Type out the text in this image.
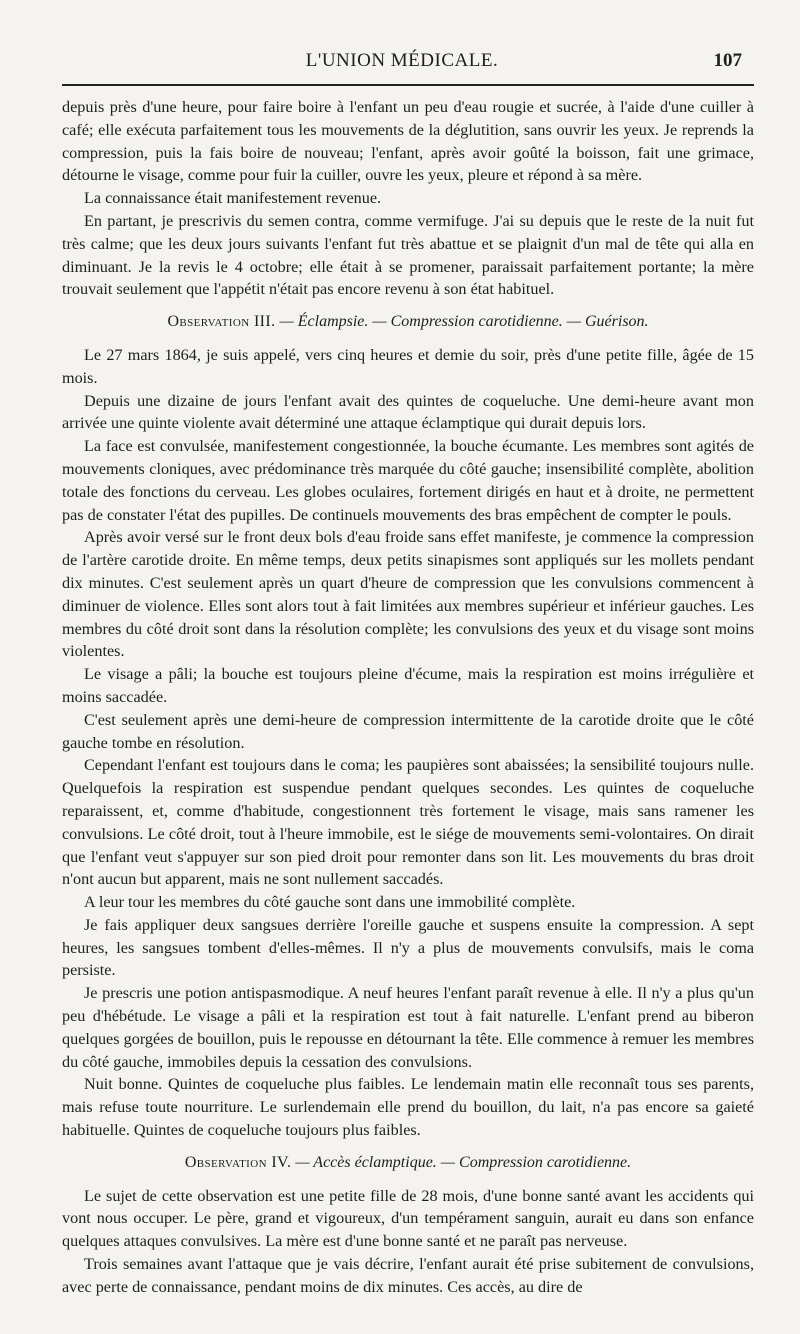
L'UNION MÉDICALE.	107

depuis près d'une heure, pour faire boire à l'enfant un peu d'eau rougie et sucrée, à l'aide d'une cuiller à café; elle exécuta parfaitement tous les mouvements de la déglutition, sans ouvrir les yeux. Je reprends la compression, puis la fais boire de nouveau; l'enfant, après avoir goûté la boisson, fait une grimace, détourne le visage, comme pour fuir la cuiller, ouvre les yeux, pleure et répond à sa mère.

La connaissance était manifestement revenue.

En partant, je prescrivis du semen contra, comme vermifuge. J'ai su depuis que le reste de la nuit fut très calme; que les deux jours suivants l'enfant fut très abattue et se plaignit d'un mal de tête qui alla en diminuant. Je la revis le 4 octobre; elle était à se promener, paraissait parfaitement portante; la mère trouvait seulement que l'appétit n'était pas encore revenu à son état habituel.

Observation III. — Éclampsie. — Compression carotidienne. — Guérison.

Le 27 mars 1864, je suis appelé, vers cinq heures et demie du soir, près d'une petite fille, âgée de 15 mois.

Depuis une dizaine de jours l'enfant avait des quintes de coqueluche. Une demi-heure avant mon arrivée une quinte violente avait déterminé une attaque éclamptique qui durait depuis lors.

La face est convulsée, manifestement congestionnée, la bouche écumante. Les membres sont agités de mouvements cloniques, avec prédominance très marquée du côté gauche; insensibilité complète, abolition totale des fonctions du cerveau. Les globes oculaires, fortement dirigés en haut et à droite, ne permettent pas de constater l'état des pupilles. De continuels mouvements des bras empêchent de compter le pouls.

Après avoir versé sur le front deux bols d'eau froide sans effet manifeste, je commence la compression de l'artère carotide droite. En même temps, deux petits sinapismes sont appliqués sur les mollets pendant dix minutes. C'est seulement après un quart d'heure de compression que les convulsions commencent à diminuer de violence. Elles sont alors tout à fait limitées aux membres supérieur et inférieur gauches. Les membres du côté droit sont dans la résolution complète; les convulsions des yeux et du visage sont moins violentes.

Le visage a pâli; la bouche est toujours pleine d'écume, mais la respiration est moins irrégulière et moins saccadée.

C'est seulement après une demi-heure de compression intermittente de la carotide droite que le côté gauche tombe en résolution.

Cependant l'enfant est toujours dans le coma; les paupières sont abaissées; la sensibilité toujours nulle. Quelquefois la respiration est suspendue pendant quelques secondes. Les quintes de coqueluche reparaissent, et, comme d'habitude, congestionnent très fortement le visage, mais sans ramener les convulsions. Le côté droit, tout à l'heure immobile, est le siége de mouvements semi-volontaires. On dirait que l'enfant veut s'appuyer sur son pied droit pour remonter dans son lit. Les mouvements du bras droit n'ont aucun but apparent, mais ne sont nullement saccadés.

A leur tour les membres du côté gauche sont dans une immobilité complète.

Je fais appliquer deux sangsues derrière l'oreille gauche et suspens ensuite la compression. A sept heures, les sangsues tombent d'elles-mêmes. Il n'y a plus de mouvements convulsifs, mais le coma persiste.

Je prescris une potion antispasmodique. A neuf heures l'enfant paraît revenue à elle. Il n'y a plus qu'un peu d'hébétude. Le visage a pâli et la respiration est tout à fait naturelle. L'enfant prend au biberon quelques gorgées de bouillon, puis le repousse en détournant la tête. Elle commence à remuer les membres du côté gauche, immobiles depuis la cessation des convulsions.

Nuit bonne. Quintes de coqueluche plus faibles. Le lendemain matin elle reconnaît tous ses parents, mais refuse toute nourriture. Le surlendemain elle prend du bouillon, du lait, n'a pas encore sa gaieté habituelle. Quintes de coqueluche toujours plus faibles.

Observation IV. — Accès éclamptique. — Compression carotidienne.

Le sujet de cette observation est une petite fille de 28 mois, d'une bonne santé avant les accidents qui vont nous occuper. Le père, grand et vigoureux, d'un tempérament sanguin, aurait eu dans son enfance quelques attaques convulsives. La mère est d'une bonne santé et ne paraît pas nerveuse.

Trois semaines avant l'attaque que je vais décrire, l'enfant aurait été prise subitement de convulsions, avec perte de connaissance, pendant moins de dix minutes. Ces accès, au dire de
